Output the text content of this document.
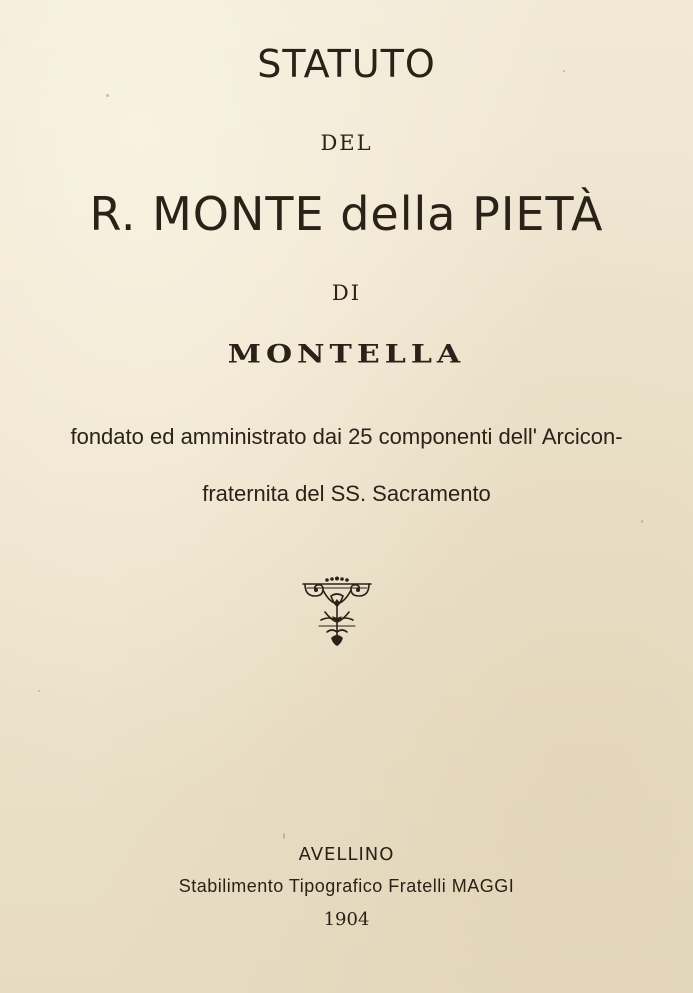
STATUTO
DEL
R. MONTE della PIETÀ
DI
MONTELLA
fondato ed amministrato dai 25 componenti dell' Arcicon-
fraternita del SS. Sacramento
AVELLINO
Stabilimento Tipografico Fratelli MAGGI
1904
